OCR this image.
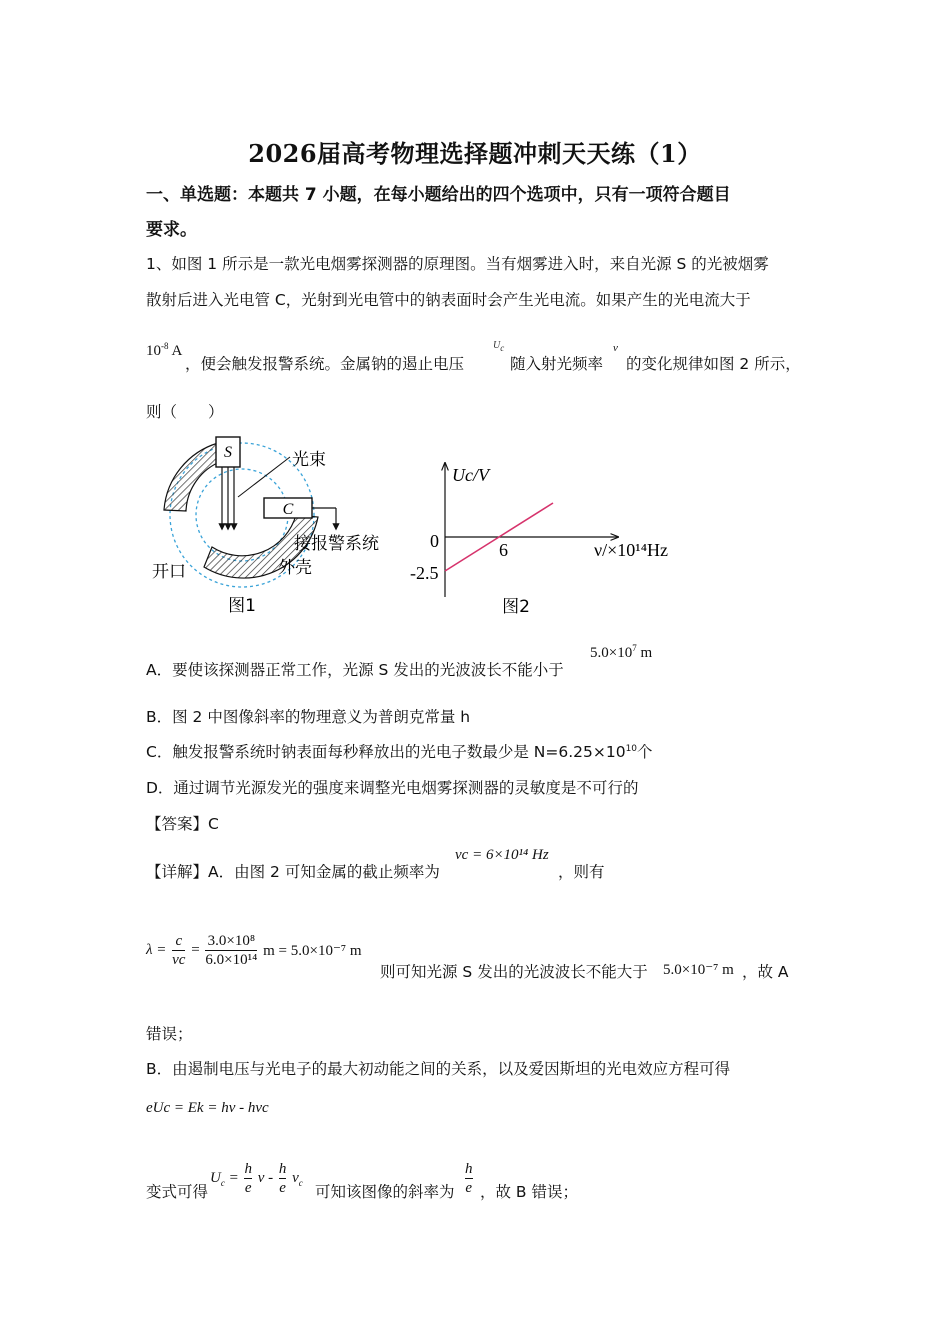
2026届高考物理选择题冲刺天天练（1）
一、单选题：本题共 7 小题，在每小题给出的四个选项中，只有一项符合题目
要求。
1、如图 1 所示是一款光电烟雾探测器的原理图。当有烟雾进入时，来自光源 S 的光被烟雾
散射后进入光电管 C，光射到光电管中的钠表面时会产生光电流。如果产生的光电流大于
$10^{-8}$ A
，便会触发报警系统。金属钠的遏止电压
$U_c$
随入射光频率
ν
的变化规律如图 2 所示，
则（　　）
S	光束
C
接报警系统
开口	外壳
图1
Uc/V
ν/×10¹⁴Hz
0	6
-2.5
图2
A．要使该探测器正常工作，光源 S 发出的光波波长不能小于
$5.0\times 10^7$ m
B．图 2 中图像斜率的物理意义为普朗克常量 h
C．触发报警系统时钠表面每秒释放出的光电子数最少是 $N=6.25\times 10^{10}$个
D．通过调节光源发光的强度来调整光电烟雾探测器的灵敏度是不可行的
【答案】C
【详解】A．由图 2 可知金属的截止频率为
νc = 6×10¹⁴ Hz
，则有
$\lambda = \frac{c}{\nu c} = \frac{\text{3.0×10⁸}}{\text{6.0×10¹⁴}}$ m = 5.0×10⁻⁷ m
则可知光源 S 发出的光波波长不能大于 5.0×10⁻⁷ m ，故 A
错误；
B．由遏制电压与光电子的最大初动能之间的关系，以及爱因斯坦的光电效应方程可得
eUc = Ek = hν - hνc
变式可得
$U_c = \frac{h}{e}$ ν - $\frac{h}{e} \nu_c$ 可知该图像的斜率为 $\frac{h}{e}$ ，故 B 错误；
